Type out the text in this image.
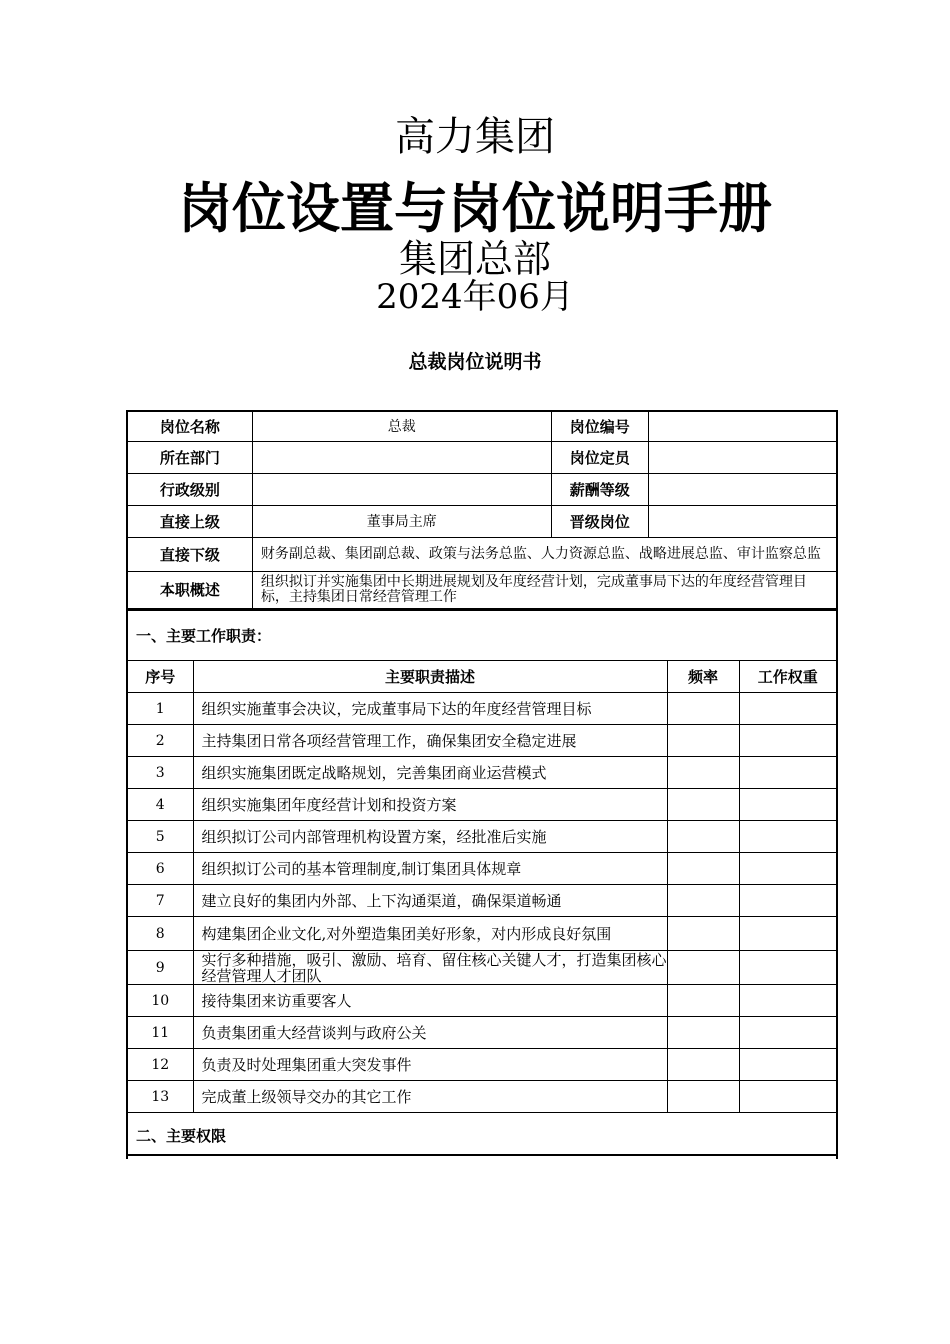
高力集团
岗位设置与岗位说明手册
集团总部
2024年06月
总裁岗位说明书
岗位名称	总裁	岗位编号	
所在部门		岗位定员	
行政级别		薪酬等级	
直接上级	董事局主席	晋级岗位	
直接下级	财务副总裁、集团副总裁、政策与法务总监、人力资源总监、战略进展总监、审计监察总监		
本职概述	组织拟订并实施集团中长期进展规划及年度经营计划，完成董事局下达的年度经营管理目标，主持集团日常经营管理工作		
一、主要工作职责：			
序号	主要职责描述	频率	工作权重
1	组织实施董事会决议，完成董事局下达的年度经营管理目标		
2	主持集团日常各项经营管理工作，确保集团安全稳定进展		
3	组织实施集团既定战略规划，完善集团商业运营模式		
4	组织实施集团年度经营计划和投资方案		
5	组织拟订公司内部管理机构设置方案，经批准后实施		
6	组织拟订公司的基本管理制度,制订集团具体规章		
7	建立良好的集团内外部、上下沟通渠道，确保渠道畅通		
8	构建集团企业文化,对外塑造集团美好形象，对内形成良好氛围		
9	实行多种措施，吸引、激励、培育、留住核心关键人才，打造集团核心经营管理人才团队		
10	接待集团来访重要客人		
11	负责集团重大经营谈判与政府公关		
12	负责及时处理集团重大突发事件		
13	完成董上级领导交办的其它工作		
二、主要权限			
